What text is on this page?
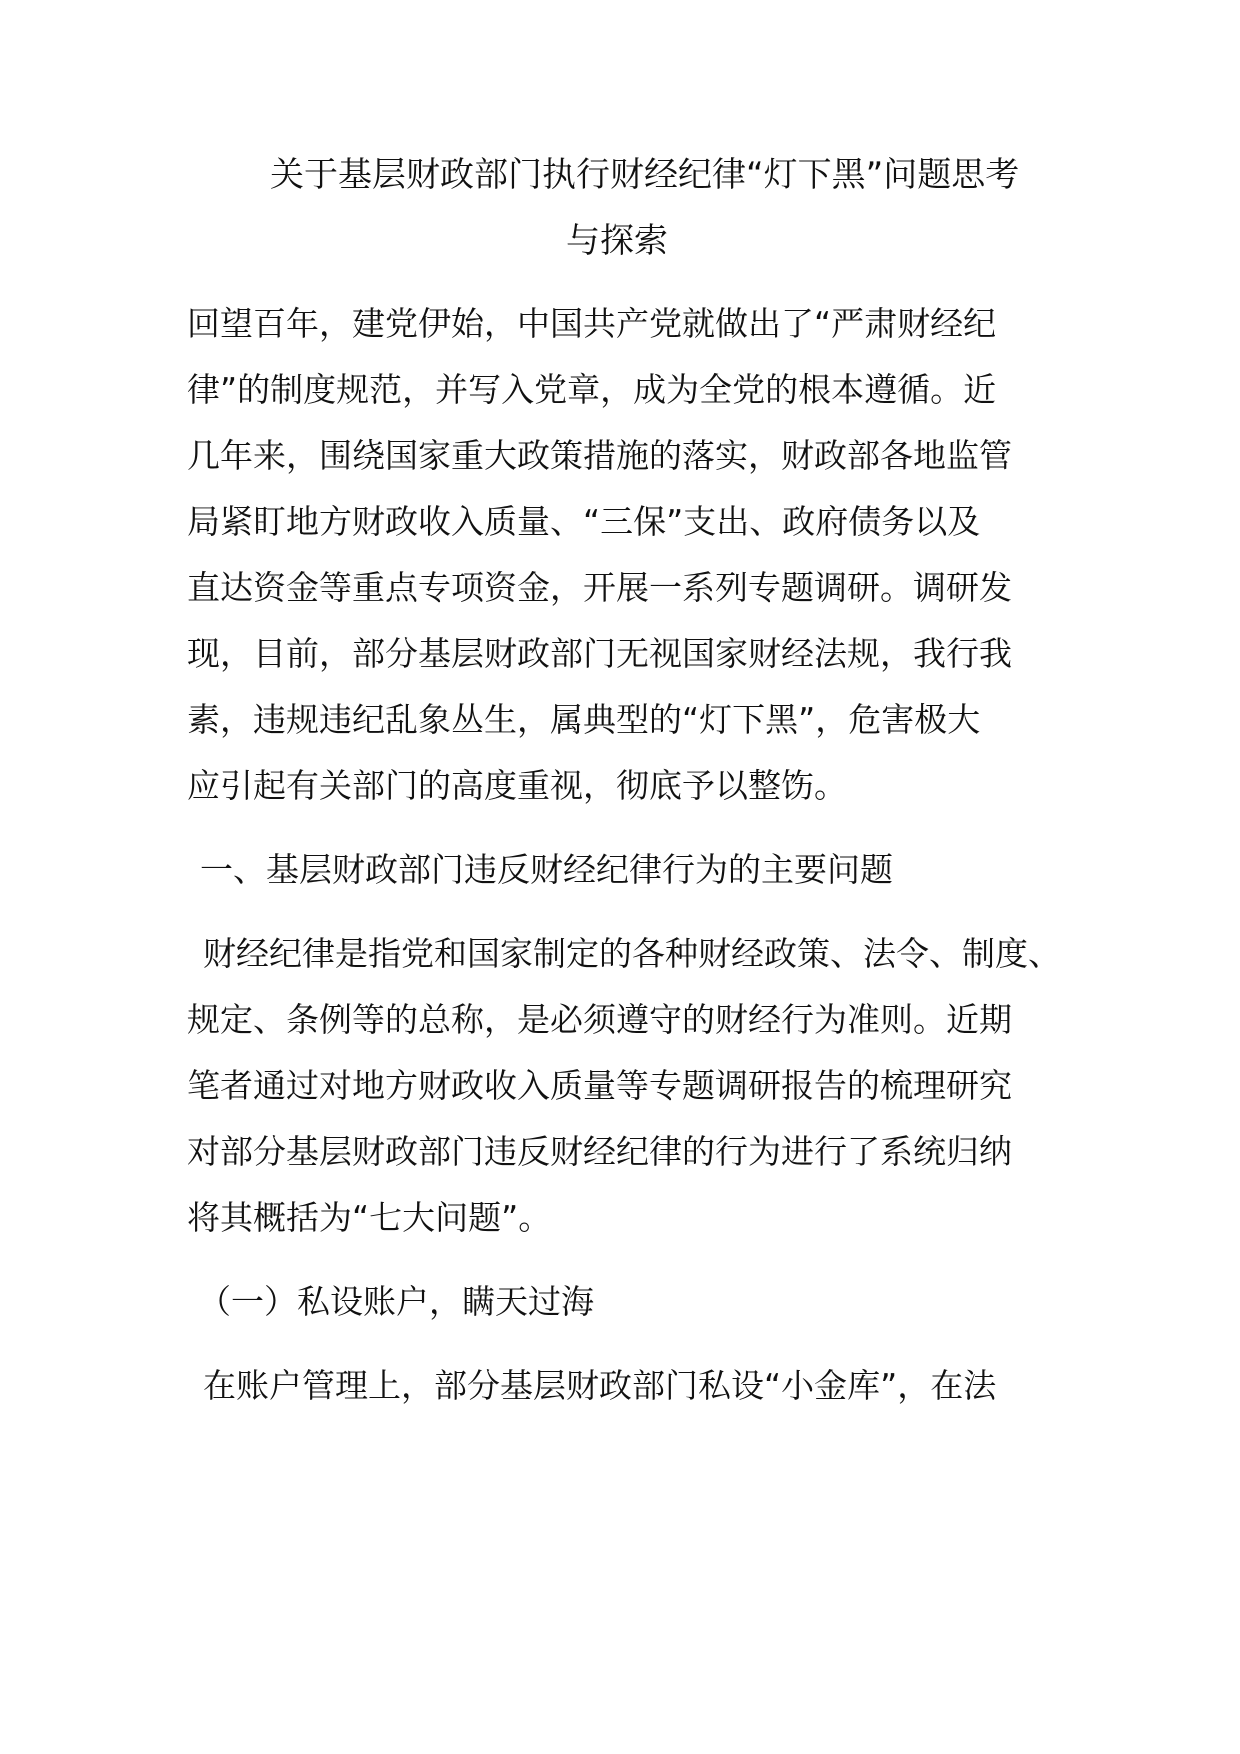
关于基层财政部门执行财经纪律“灯下黑”问题思考
与探索
回望百年，建党伊始，中国共产党就做出了“严肃财经纪
律”的制度规范，并写入党章，成为全党的根本遵循。近
几年来，围绕国家重大政策措施的落实，财政部各地监管
局紧盯地方财政收入质量、“三保”支出、政府债务以及
直达资金等重点专项资金，开展一系列专题调研。调研发
现，目前，部分基层财政部门无视国家财经法规，我行我
素，违规违纪乱象丛生，属典型的“灯下黑”，危害极大
应引起有关部门的高度重视，彻底予以整饬。
一、基层财政部门违反财经纪律行为的主要问题
财经纪律是指党和国家制定的各种财经政策、法令、制度、
规定、条例等的总称，是必须遵守的财经行为准则。近期
笔者通过对地方财政收入质量等专题调研报告的梳理研究
对部分基层财政部门违反财经纪律的行为进行了系统归纳
将其概括为“七大问题”。
（一）私设账户，瞒天过海
在账户管理上，部分基层财政部门私设“小金库”，在法
